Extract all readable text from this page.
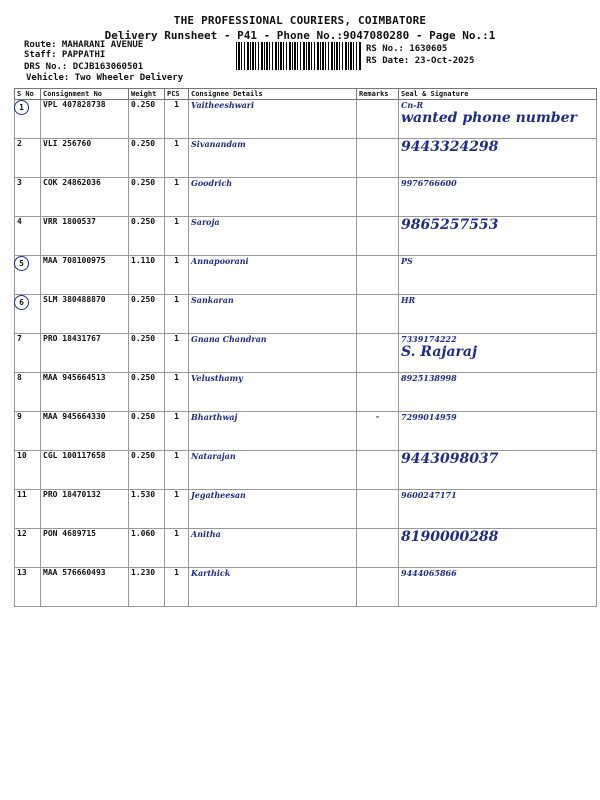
THE PROFESSIONAL COURIERS, COIMBATORE
Delivery Runsheet - P41 - Phone No.:9047080280 - Page No.:1
Route: MAHARANI AVENUE
Staff: PAPPATHI
DRS No.: DCJB163060501
Vehicle: Two Wheeler Delivery
RS No.: 1630605
RS Date: 23-Oct-2025
S No	Consignment No	Weight	PCS	Consignee Details	Remarks	Seal & Signature
1	VPL 407828738	0.250	1	Vaitheeshwari		Cn-R
wanted phone number

2	VLI 256760	0.250	1	Sivanandam		9443324298

3	COK 24862036	0.250	1	Goodrich		9976766600

4	VRR 1800537	0.250	1	Saroja		9865257553

5	MAA 708100975	1.110	1	Annapoorani		PS

6	SLM 380488870	0.250	1	Sankaran		HR

7	PRO 18431767	0.250	1	Gnana Chandran		7339174222
S. Rajaraj

8	MAA 945664513	0.250	1	Velusthamy		8925138998

9	MAA 945664330	0.250	1	Bharthwaj	-	7299014959

10	CGL 100117658	0.250	1	Natarajan		9443098037

11	PRO 18470132	1.530	1	Jegatheesan		9600247171

12	PON 4689715	1.060	1	Anitha		8190000288

13	MAA 576660493	1.230	1	Karthick		9444065866
